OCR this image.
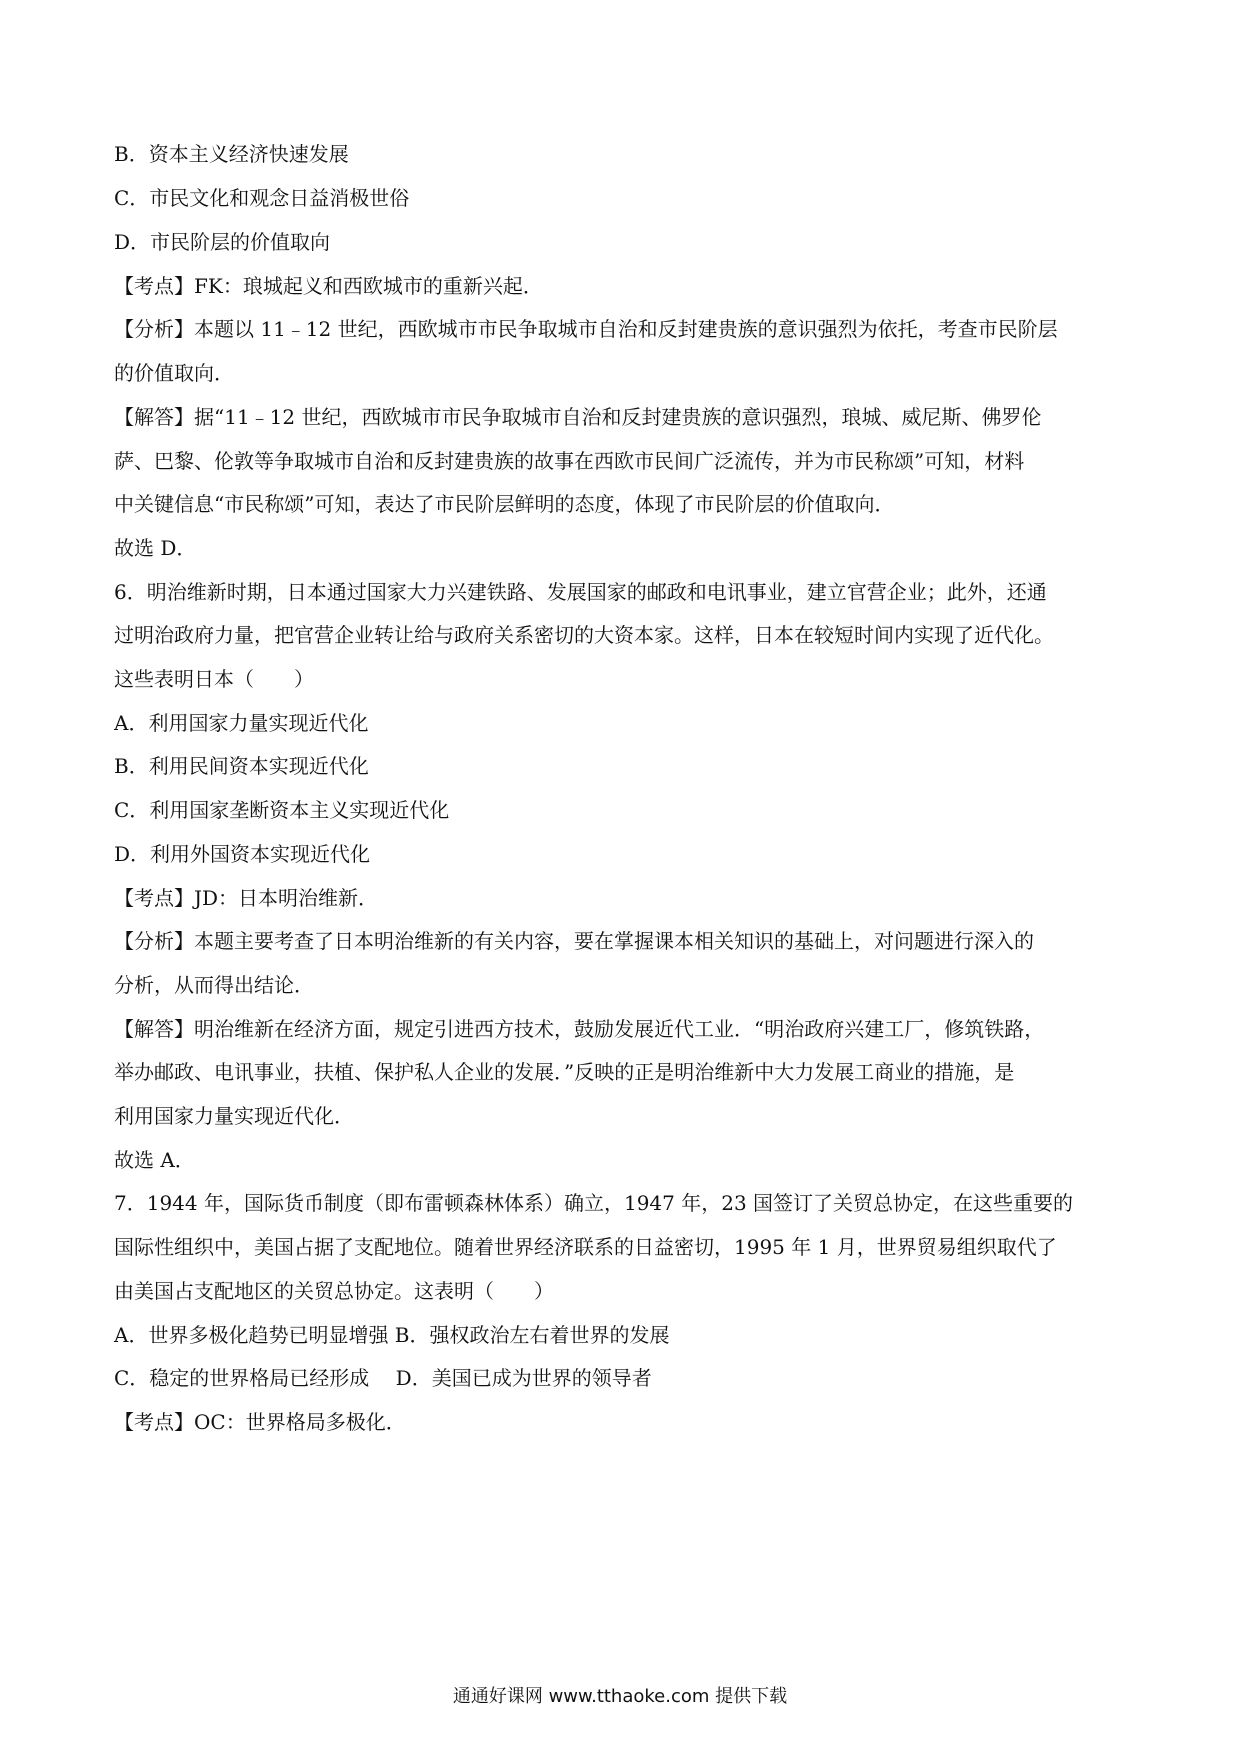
B．资本主义经济快速发展
C．市民文化和观念日益消极世俗
D．市民阶层的价值取向
【考点】FK：琅城起义和西欧城市的重新兴起．
【分析】本题以 11﹣12 世纪，西欧城市市民争取城市自治和反封建贵族的意识强烈为依托，考查市民阶层
的价值取向．
【解答】据“11﹣12 世纪，西欧城市市民争取城市自治和反封建贵族的意识强烈，琅城、威尼斯、佛罗伦
萨、巴黎、伦敦等争取城市自治和反封建贵族的故事在西欧市民间广泛流传，并为市民称颂”可知，材料
中关键信息“市民称颂”可知，表达了市民阶层鲜明的态度，体现了市民阶层的价值取向．
故选 D．
6．明治维新时期，日本通过国家大力兴建铁路、发展国家的邮政和电讯事业，建立官营企业；此外，还通
过明治政府力量，把官营企业转让给与政府关系密切的大资本家。这样，日本在较短时间内实现了近代化。
这些表明日本（　　）
A．利用国家力量实现近代化
B．利用民间资本实现近代化
C．利用国家垄断资本主义实现近代化
D．利用外国资本实现近代化
【考点】JD：日本明治维新．
【分析】本题主要考查了日本明治维新的有关内容，要在掌握课本相关知识的基础上，对问题进行深入的
分析，从而得出结论．
【解答】明治维新在经济方面，规定引进西方技术，鼓励发展近代工业．“明治政府兴建工厂，修筑铁路，
举办邮政、电讯事业，扶植、保护私人企业的发展．”反映的正是明治维新中大力发展工商业的措施，是
利用国家力量实现近代化．
故选 A．
7．1944 年，国际货币制度（即布雷顿森林体系）确立，1947 年，23 国签订了关贸总协定，在这些重要的
国际性组织中，美国占据了支配地位。随着世界经济联系的日益密切，1995 年 1 月，世界贸易组织取代了
由美国占支配地区的关贸总协定。这表明（　　）
A．世界多极化趋势已明显增强 B．强权政治左右着世界的发展
C．稳定的世界格局已经形成　 D．美国已成为世界的领导者
【考点】OC：世界格局多极化．
通通好课网 www.tthaoke.com 提供下载
